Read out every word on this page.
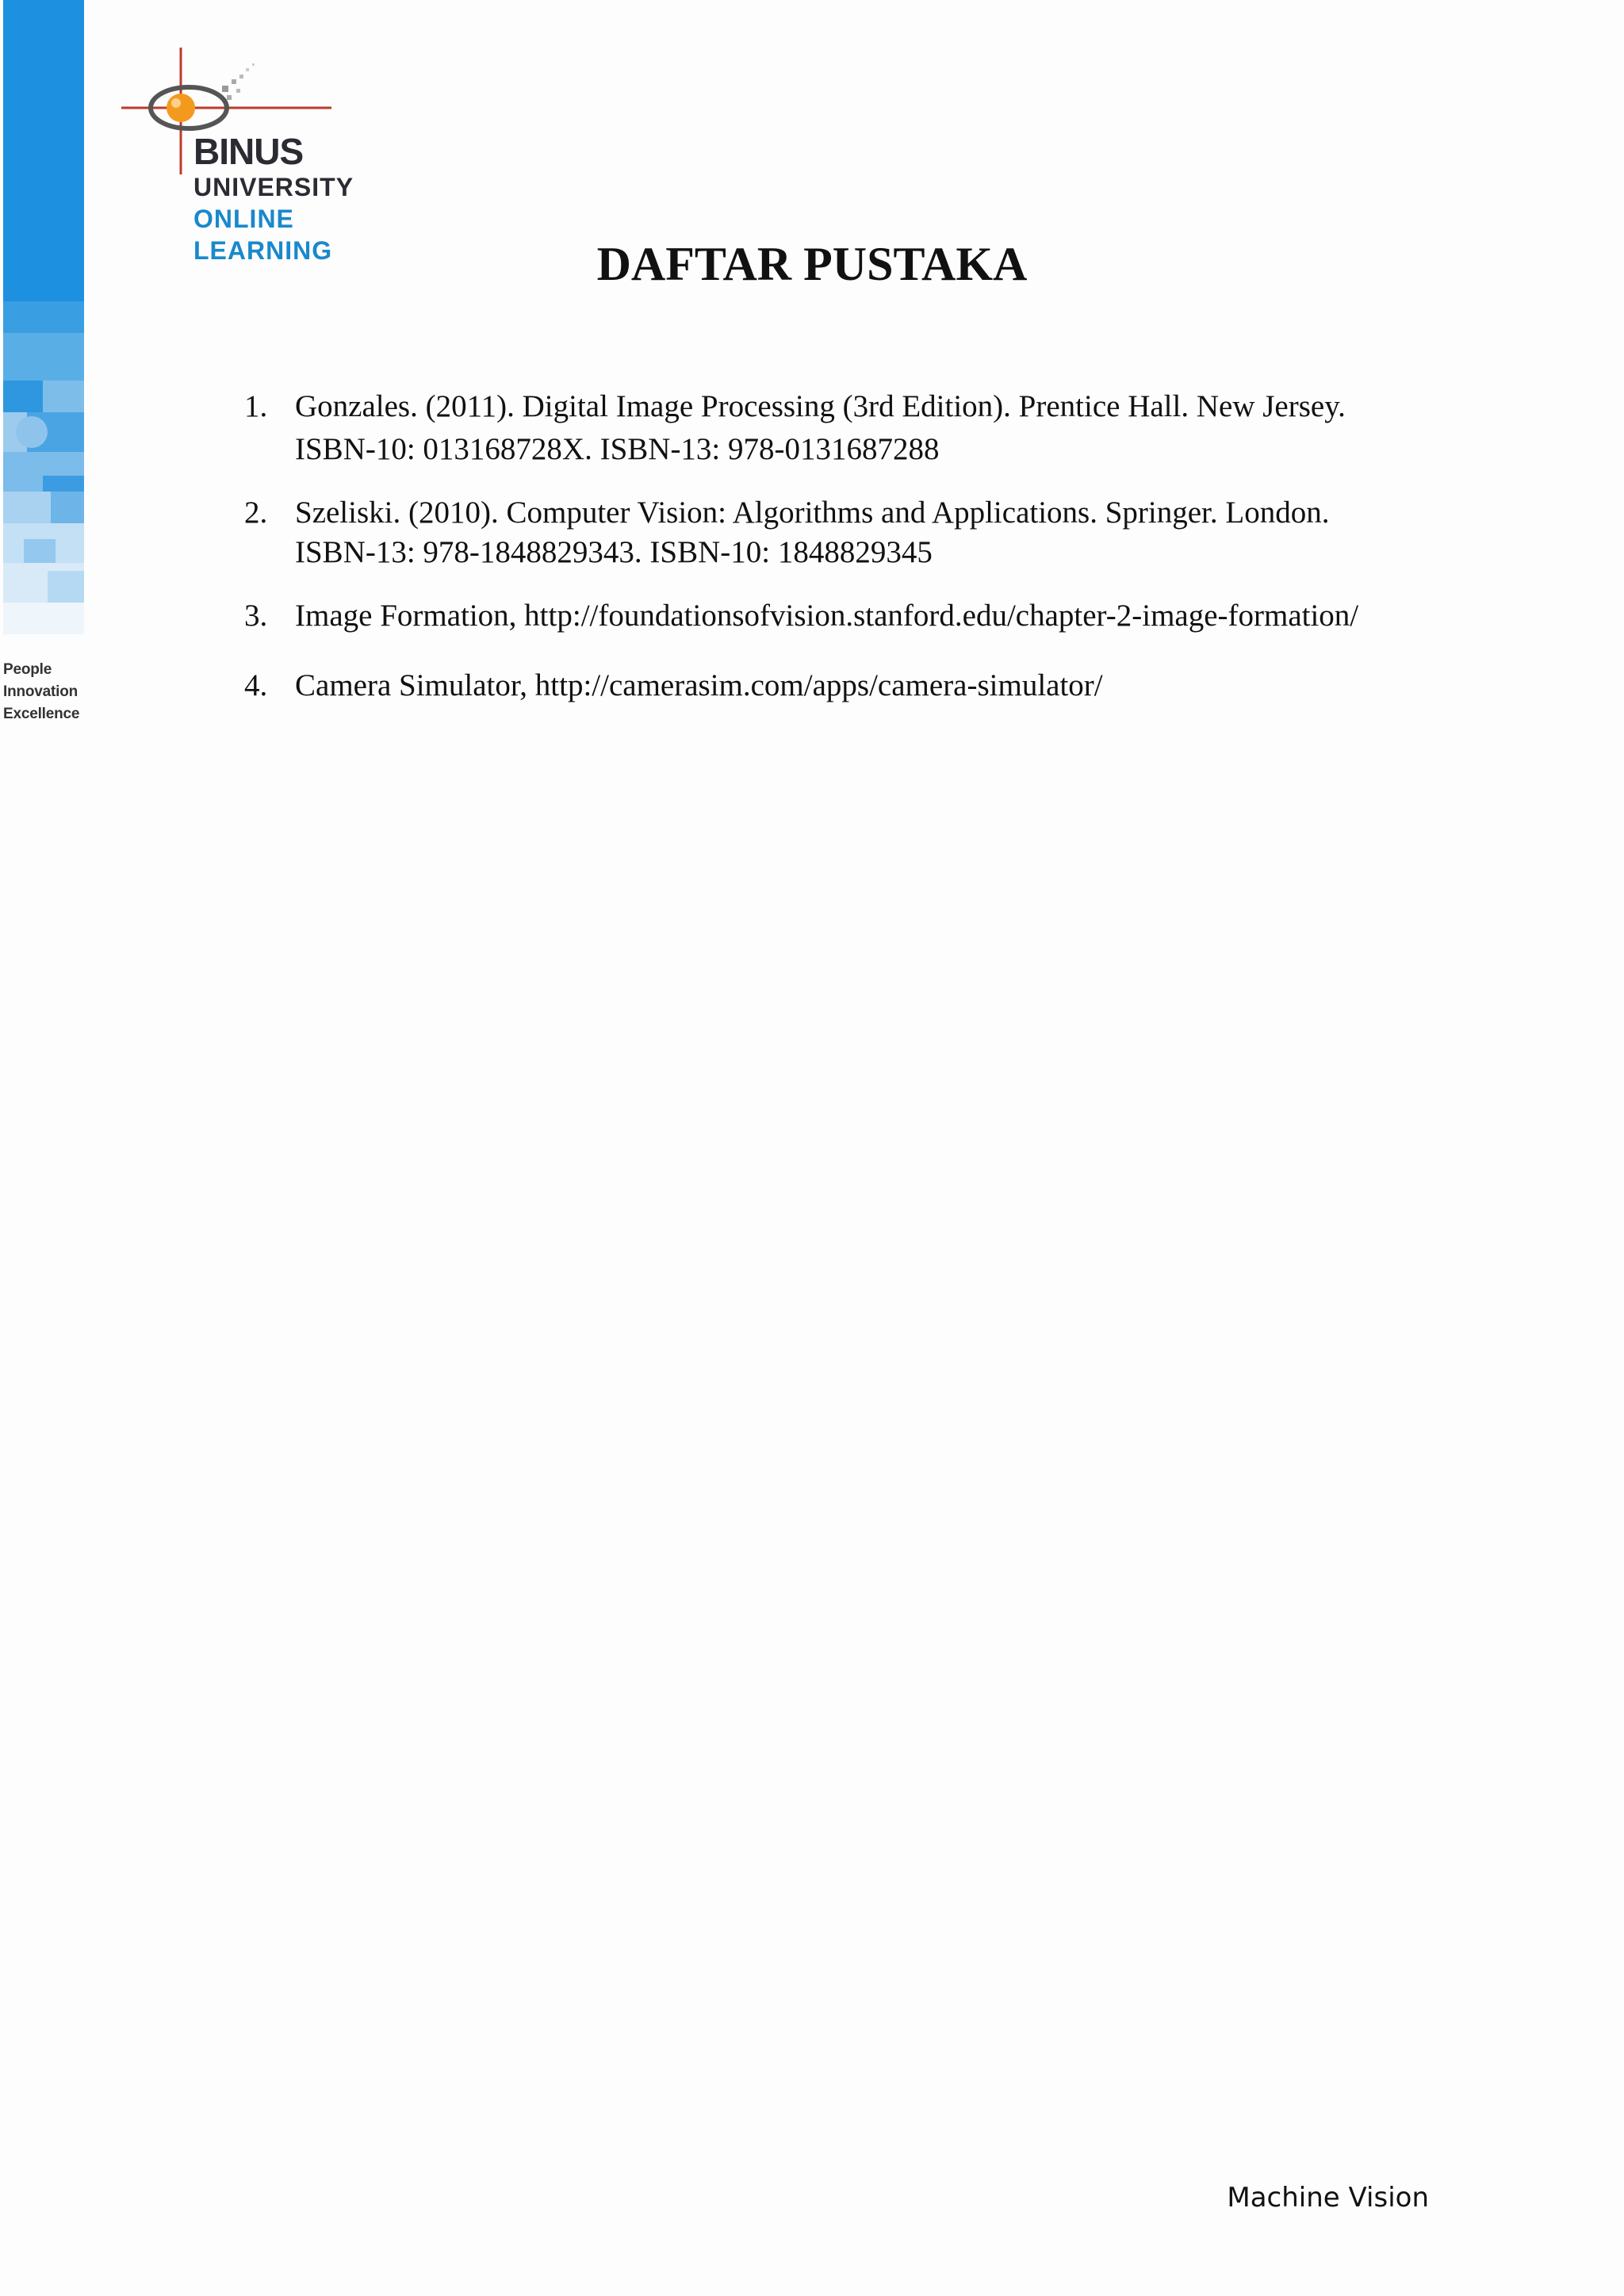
People
Innovation
Excellence
BINUS
UNIVERSITY
ONLINE
LEARNING	DAFTAR PUSTAKA
1. Gonzales. (2011). Digital Image Processing (3rd Edition). Prentice Hall. New Jersey.
ISBN-10: 013168728X. ISBN-13: 978-0131687288
2. Szeliski. (2010). Computer Vision: Algorithms and Applications. Springer. London.
ISBN-13: 978-1848829343. ISBN-10: 1848829345
3. Image Formation, http://foundationsofvision.stanford.edu/chapter-2-image-formation/
4. Camera Simulator, http://camerasim.com/apps/camera-simulator/
Machine Vision
